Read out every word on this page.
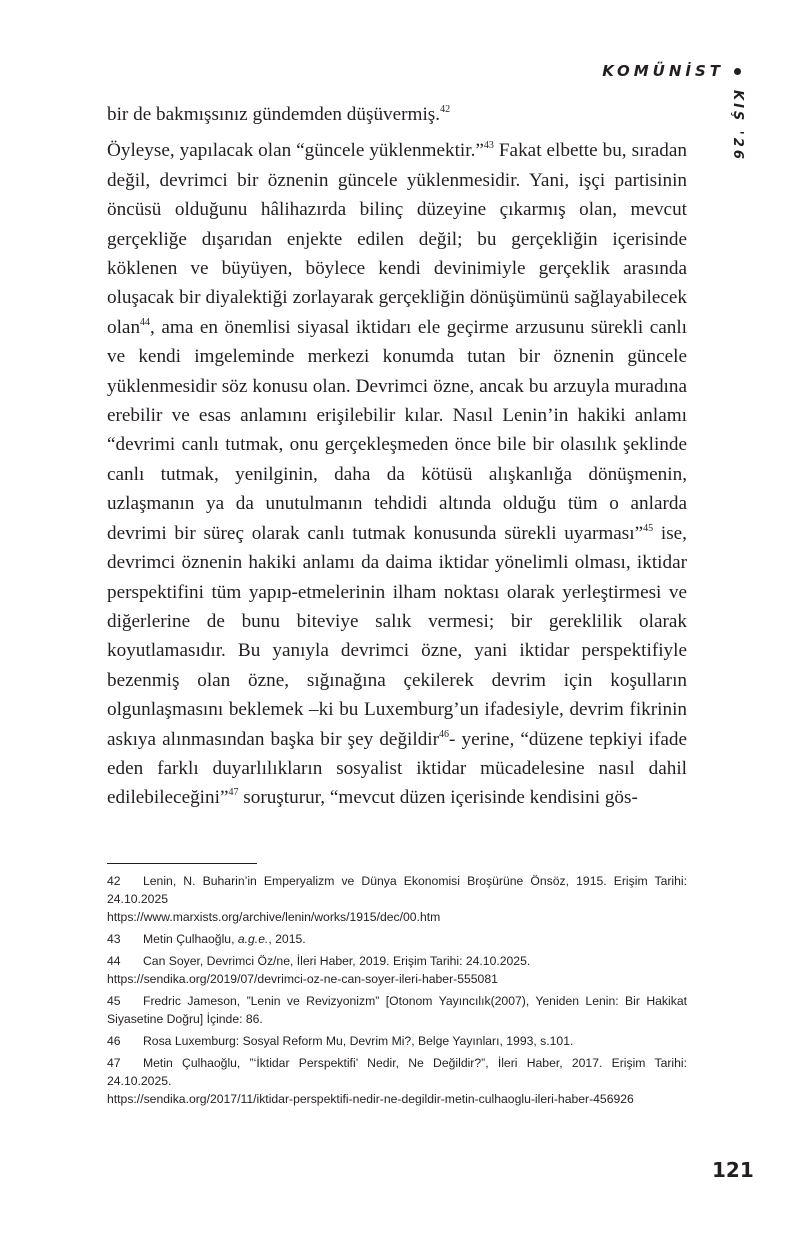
KOMÜNİST
KIŞ '26

bir de bakmışsınız gündemden düşüvermiş.$^{42}$

Öyleyse, yapılacak olan “güncele yüklenmektir.”$^{43}$ Fakat elbette bu, sıradan değil, devrimci bir öznenin güncele yüklenmesidir. Yani, işçi partisinin öncüsü olduğunu hâlihazırda bilinç düzeyine çıkarmış olan, mevcut gerçekliğe dışarıdan enjekte edilen değil; bu gerçekliğin içerisinde köklenen ve büyüyen, böylece kendi devinimiyle gerçeklik arasında oluşacak bir diyalektiği zorlayarak gerçekliğin dönüşümünü sağlayabilecek olan$^{44}$, ama en önemlisi siyasal iktidarı ele geçirme arzusunu sürekli canlı ve kendi imgeleminde merkezi konumda tutan bir öznenin güncele yüklenmesidir söz konusu olan. Devrimci özne, ancak bu arzuyla muradına erebilir ve esas anlamını erişilebilir kılar. Nasıl Lenin’in hakiki anlamı “devrimi canlı tutmak, onu gerçekleşmeden önce bile bir olasılık şeklinde canlı tutmak, yenilginin, daha da kötüsü alışkanlığa dönüşmenin, uzlaşmanın ya da unutulmanın tehdidi altında olduğu tüm o anlarda devrimi bir süreç olarak canlı tutmak konusunda sürekli uyarması”$^{45}$ ise, devrimci öznenin hakiki anlamı da daima iktidar yönelimli olması, iktidar perspektifini tüm yapıp-etmelerinin ilham noktası olarak yerleştirmesi ve diğerlerine de bunu biteviye salık vermesi; bir gereklilik olarak koyutlamasıdır. Bu yanıyla devrimci özne, yani iktidar perspektifiyle bezenmiş olan özne, sığınağına çekilerek devrim için koşulların olgunlaşmasını beklemek –ki bu Luxemburg’un ifadesiyle, devrim fikrinin askıya alınmasından başka bir şey değildir$^{46}$- yerine, “düzene tepkiyi ifade eden farklı duyarlılıkların sosyalist iktidar mücadelesine nasıl dahil edilebileceğini”$^{47}$ soruşturur, “mevcut düzen içerisinde kendisini gös-

42 Lenin, N. Buharin’in Emperyalizm ve Dünya Ekonomisi Broşürüne Önsöz, 1915. Erişim Tarihi: 24.10.2025
https://www.marxists.org/archive/lenin/works/1915/dec/00.htm
43 Metin Çulhaoğlu, a.g.e., 2015.
44 Can Soyer, Devrimci Öz/ne, İleri Haber, 2019. Erişim Tarihi: 24.10.2025.
https://sendika.org/2019/07/devrimci-oz-ne-can-soyer-ileri-haber-555081
45 Fredric Jameson, ”Lenin ve Revizyonizm” [Otonom Yayıncılık(2007), Yeniden Lenin: Bir Hakikat Siyasetine Doğru] İçinde: 86.
46 Rosa Luxemburg: Sosyal Reform Mu, Devrim Mi?, Belge Yayınları, 1993, s.101.
47 Metin Çulhaoğlu, ”‘İktidar Perspektifi’ Nedir, Ne Değildir?”, İleri Haber, 2017. Erişim Tarihi: 24.10.2025.
https://sendika.org/2017/11/iktidar-perspektifi-nedir-ne-degildir-metin-culhaoglu-ileri-haber-456926
121
